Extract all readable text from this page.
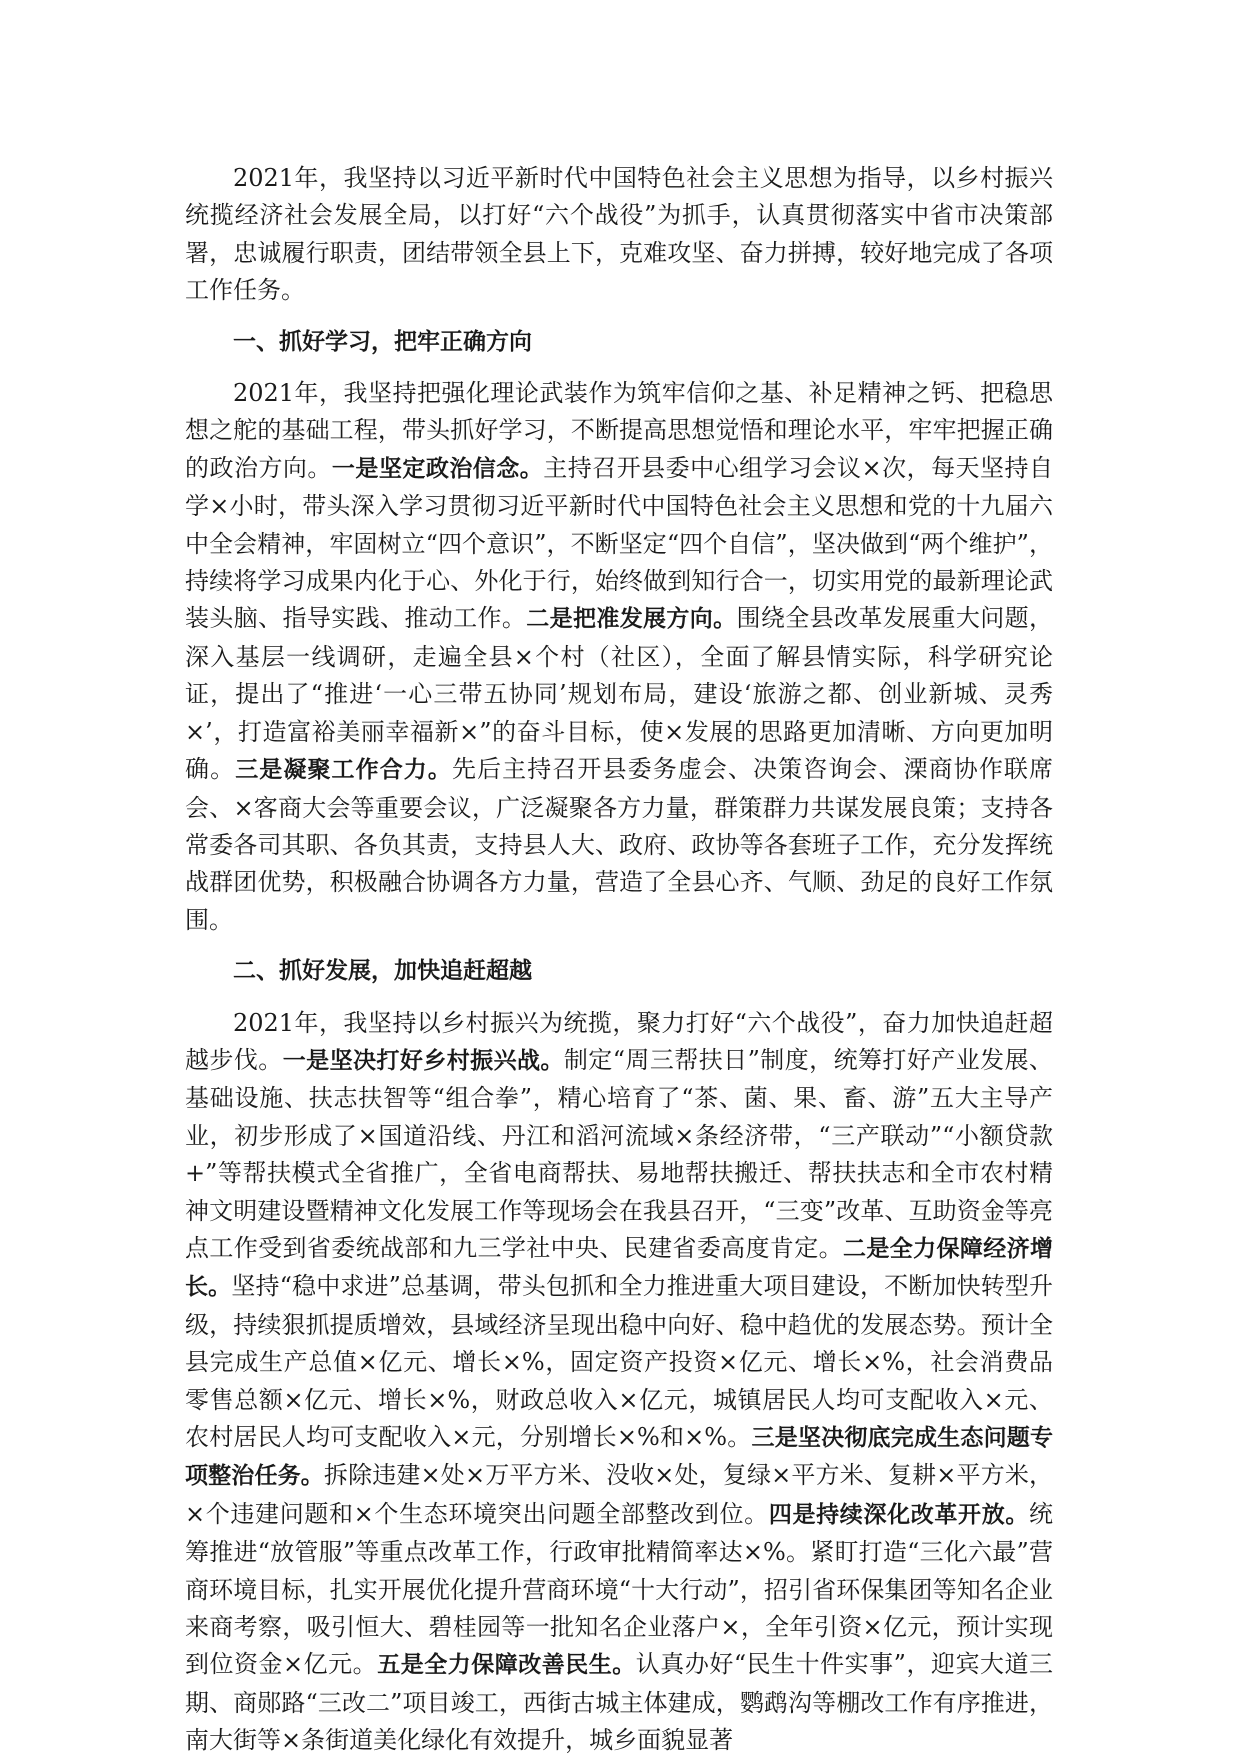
2021年，我坚持以习近平新时代中国特色社会主义思想为指导，以乡村振兴统揽经济社会发展全局，以打好“六个战役”为抓手，认真贯彻落实中省市决策部署，忠诚履行职责，团结带领全县上下，克难攻坚、奋力拼搏，较好地完成了各项工作任务。

一、抓好学习，把牢正确方向

2021年，我坚持把强化理论武装作为筑牢信仰之基、补足精神之钙、把稳思想之舵的基础工程，带头抓好学习，不断提高思想觉悟和理论水平，牢牢把握正确的政治方向。一是坚定政治信念。主持召开县委中心组学习会议×次，每天坚持自学×小时，带头深入学习贯彻习近平新时代中国特色社会主义思想和党的十九届六中全会精神，牢固树立“四个意识”，不断坚定“四个自信”，坚决做到“两个维护”，持续将学习成果内化于心、外化于行，始终做到知行合一，切实用党的最新理论武装头脑、指导实践、推动工作。二是把准发展方向。围绕全县改革发展重大问题，深入基层一线调研，走遍全县×个村（社区），全面了解县情实际，科学研究论证，提出了“推进‘一心三带五协同’规划布局，建设‘旅游之都、创业新城、灵秀×’，打造富裕美丽幸福新×”的奋斗目标，使×发展的思路更加清晰、方向更加明确。三是凝聚工作合力。先后主持召开县委务虚会、决策咨询会、溧商协作联席会、×客商大会等重要会议，广泛凝聚各方力量，群策群力共谋发展良策；支持各常委各司其职、各负其责，支持县人大、政府、政协等各套班子工作，充分发挥统战群团优势，积极融合协调各方力量，营造了全县心齐、气顺、劲足的良好工作氛围。

二、抓好发展，加快追赶超越

2021年，我坚持以乡村振兴为统揽，聚力打好“六个战役”，奋力加快追赶超越步伐。一是坚决打好乡村振兴战。制定“周三帮扶日”制度，统筹打好产业发展、基础设施、扶志扶智等“组合拳”，精心培育了“茶、菌、果、畜、游”五大主导产业，初步形成了×国道沿线、丹江和滔河流域×条经济带，“三产联动”“小额贷款+”等帮扶模式全省推广，全省电商帮扶、易地帮扶搬迁、帮扶扶志和全市农村精神文明建设暨精神文化发展工作等现场会在我县召开，“三变”改革、互助资金等亮点工作受到省委统战部和九三学社中央、民建省委高度肯定。二是全力保障经济增长。坚持“稳中求进”总基调，带头包抓和全力推进重大项目建设，不断加快转型升级，持续狠抓提质增效，县域经济呈现出稳中向好、稳中趋优的发展态势。预计全县完成生产总值×亿元、增长×%，固定资产投资×亿元、增长×%，社会消费品零售总额×亿元、增长×%，财政总收入×亿元，城镇居民人均可支配收入×元、农村居民人均可支配收入×元，分别增长×%和×%。三是坚决彻底完成生态问题专项整治任务。拆除违建×处×万平方米、没收×处，复绿×平方米、复耕×平方米，×个违建问题和×个生态环境突出问题全部整改到位。四是持续深化改革开放。统筹推进“放管服”等重点改革工作，行政审批精简率达×%。紧盯打造“三化六最”营商环境目标，扎实开展优化提升营商环境“十大行动”，招引省环保集团等知名企业来商考察，吸引恒大、碧桂园等一批知名企业落户×，全年引资×亿元，预计实现到位资金×亿元。五是全力保障改善民生。认真办好“民生十件实事”，迎宾大道三期、商郧路“三改二”项目竣工，西街古城主体建成，鹦鹉沟等棚改工作有序推进，南大街等×条街道美化绿化有效提升，城乡面貌显著
